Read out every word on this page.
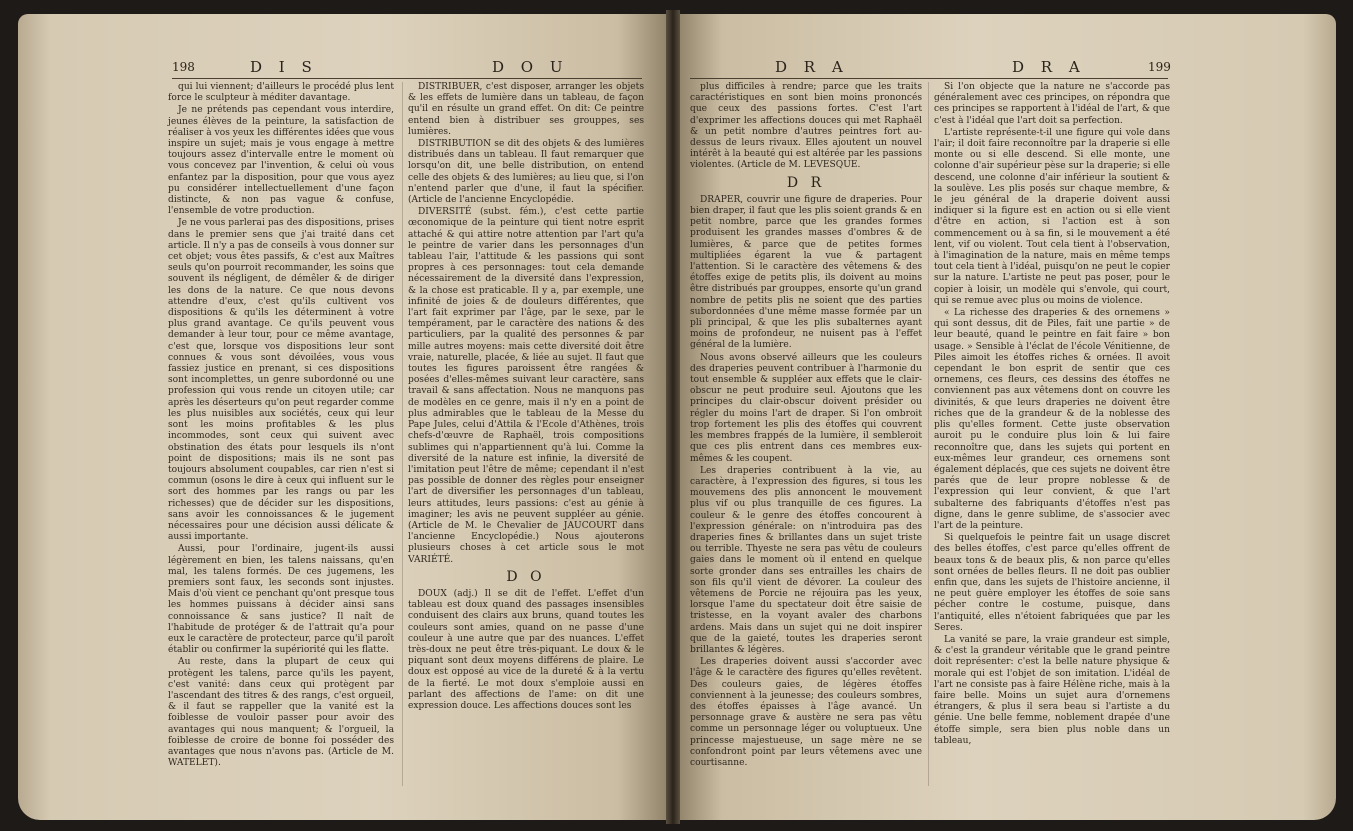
198	D I S	D O U

qui lui viennent; d'ailleurs le procédé plus lent force le sculpteur à méditer davantage.

Je ne prétends pas cependant vous interdire, jeunes élèves de la peinture, la satisfaction de réaliser à vos yeux les différentes idées que vous inspire un sujet; mais je vous engage à mettre toujours assez d'intervalle entre le moment où vous concevez par l'invention, & celui où vous enfantez par la disposition, pour que vous ayez pu considérer intellectuellement d'une façon distincte, & non pas vague & confuse, l'ensemble de votre production.

Je ne vous parlerai pas des dispositions, prises dans le premier sens que j'ai traité dans cet article. Il n'y a pas de conseils à vous donner sur cet objet; vous êtes passifs, & c'est aux Maîtres seuls qu'on pourroit recommander, les soins que souvent ils négligent, de démêler & de diriger les dons de la nature. Ce que nous devons attendre d'eux, c'est qu'ils cultivent vos dispositions & qu'ils les déterminent à votre plus grand avantage. Ce qu'ils peuvent vous demander à leur tour, pour ce même avantage, c'est que, lorsque vos dispositions leur sont connues & vous sont dévoilées, vous vous fassiez justice en prenant, si ces dispositions sont incomplettes, un genre subordonné ou une profession qui vous rende un citoyen utile; car après les déserteurs qu'on peut regarder comme les plus nuisibles aux sociétés, ceux qui leur sont les moins profitables & les plus incommodes, sont ceux qui suivent avec obstination des états pour lesquels ils n'ont point de dispositions; mais ils ne sont pas toujours absolument coupables, car rien n'est si commun (osons le dire à ceux qui influent sur le sort des hommes par les rangs ou par les richesses) que de décider sur les dispositions, sans avoir les connoissances & le jugement nécessaires pour une décision aussi délicate & aussi importante.

Aussi, pour l'ordinaire, jugent-ils aussi légèrement en bien, les talens naissans, qu'en mal, les talens formés. De ces jugemens, les premiers sont faux, les seconds sont injustes. Mais d'où vient ce penchant qu'ont presque tous les hommes puissans à décider ainsi sans connoissance & sans justice? Il naît de l'habitude de protéger & de l'attrait qu'a pour eux le caractère de protecteur, parce qu'il paroît établir ou confirmer la supériorité qui les flatte.

Au reste, dans la plupart de ceux qui protègent les talens, parce qu'ils les payent, c'est vanité: dans ceux qui protègent par l'ascendant des titres & des rangs, c'est orgueil, & il faut se rappeller que la vanité est la foiblesse de vouloir passer pour avoir des avantages qui nous manquent; & l'orgueil, la foiblesse de croire de bonne foi posséder des avantages que nous n'avons pas. (Article de M. WATELET).

DISTRIBUER, c'est disposer, arranger les objets & les effets de lumière dans un tableau, de façon qu'il en résulte un grand effet. On dit: Ce peintre entend bien à distribuer ses grouppes, ses lumières.

DISTRIBUTION se dit des objets & des lumières distribués dans un tableau. Il faut remarquer que lorsqu'on dit, une belle distribution, on entend celle des objets & des lumières; au lieu que, si l'on n'entend parler que d'une, il faut la spécifier. (Article de l'ancienne Encyclopédie.

DIVERSITÉ (subst. fém.), c'est cette partie œconomique de la peinture qui tient notre esprit attaché & qui attire notre attention par l'art qu'a le peintre de varier dans les personnages d'un tableau l'air, l'attitude & les passions qui sont propres à ces personnages: tout cela demande nécessairement de la diversité dans l'expression, & la chose est praticable. Il y a, par exemple, une infinité de joies & de douleurs différentes, que l'art fait exprimer par l'âge, par le sexe, par le tempérament, par le caractère des nations & des particuliers, par la qualité des personnes & par mille autres moyens: mais cette diversité doit être vraie, naturelle, placée, & liée au sujet. Il faut que toutes les figures paroissent être rangées & posées d'elles-mêmes suivant leur caractère, sans travail & sans affectation. Nous ne manquons pas de modèles en ce genre, mais il n'y en a point de plus admirables que le tableau de la Messe du Pape Jules, celui d'Attila & l'Ecole d'Athènes, trois chefs-d'œuvre de Raphaël, trois compositions sublimes qui n'appartiennent qu'à lui. Comme la diversité de la nature est infinie, la diversité de l'imitation peut l'être de même; cependant il n'est pas possible de donner des règles pour enseigner l'art de diversifier les personnages d'un tableau, leurs attitudes, leurs passions: c'est au génie à imaginer; les avis ne peuvent suppléer au génie. (Article de M. le Chevalier de JAUCOURT dans l'ancienne Encyclopédie.) Nous ajouterons plusieurs choses à cet article sous le mot VARIÉTÉ.

D O

DOUX (adj.) Il se dit de l'effet. L'effet d'un tableau est doux quand des passages insensibles conduisent des clairs aux bruns, quand toutes les couleurs sont amies, quand on ne passe d'une couleur à une autre que par des nuances. L'effet très-doux ne peut être très-piquant. Le doux & le piquant sont deux moyens différens de plaire. Le doux est opposé au vice de la dureté & à la vertu de la fierté. Le mot doux s'emploie aussi en parlant des affections de l'ame: on dit une expression douce. Les affections douces sont les

D R A	D R A	199

plus difficiles à rendre; parce que les traits caractéristiques en sont bien moins prononcés que ceux des passions fortes. C'est l'art d'exprimer les affections douces qui met Raphaël & un petit nombre d'autres peintres fort au-dessus de leurs rivaux. Elles ajoutent un nouvel intérêt à la beauté qui est altérée par les passions violentes. (Article de M. LEVESQUE.

D R

DRAPER, couvrir une figure de draperies. Pour bien draper, il faut que les plis soient grands & en petit nombre, parce que les grandes formes produisent les grandes masses d'ombres & de lumières, & parce que de petites formes multipliées égarent la vue & partagent l'attention. Si le caractère des vêtemens & des étoffes exige de petits plis, ils doivent au moins être distribués par grouppes, ensorte qu'un grand nombre de petits plis ne soient que des parties subordonnées d'une même masse formée par un pli principal, & que les plis subalternes ayant moins de profondeur, ne nuisent pas à l'effet général de la lumière.

Nous avons observé ailleurs que les couleurs des draperies peuvent contribuer à l'harmonie du tout ensemble & suppléer aux effets que le clair-obscur ne peut produire seul. Ajoutons que les principes du clair-obscur doivent présider ou régler du moins l'art de draper. Si l'on ombroit trop fortement les plis des étoffes qui couvrent les membres frappés de la lumière, il sembleroit que ces plis entrent dans ces membres eux-mêmes & les coupent.

Les draperies contribuent à la vie, au caractère, à l'expression des figures, si tous les mouvemens des plis annoncent le mouvement plus vif ou plus tranquille de ces figures. La couleur & le genre des étoffes concourent à l'expression générale: on n'introduira pas des draperies fines & brillantes dans un sujet triste ou terrible. Thyeste ne sera pas vêtu de couleurs gaies dans le moment où il entend en quelque sorte gronder dans ses entrailles les chairs de son fils qu'il vient de dévorer. La couleur des vêtemens de Porcie ne réjouira pas les yeux, lorsque l'ame du spectateur doit être saisie de tristesse, en la voyant avaler des charbons ardens. Mais dans un sujet qui ne doit inspirer que de la gaieté, toutes les draperies seront brillantes & légères.

Les draperies doivent aussi s'accorder avec l'âge & le caractère des figures qu'elles revêtent. Des couleurs gaies, de légères étoffes conviennent à la jeunesse; des couleurs sombres, des étoffes épaisses à l'âge avancé. Un personnage grave & austère ne sera pas vêtu comme un personnage léger ou voluptueux. Une princesse majestueuse, un sage mère ne se confondront point par leurs vêtemens avec une courtisanne.

Si l'on objecte que la nature ne s'accorde pas généralement avec ces principes, on répondra que ces principes se rapportent à l'idéal de l'art, & que c'est à l'idéal que l'art doit sa perfection.

L'artiste représente-t-il une figure qui vole dans l'air; il doit faire reconnoître par la draperie si elle monte ou si elle descend. Si elle monte, une colonne d'air supérieur pèse sur la draperie; si elle descend, une colonne d'air inférieur la soutient & la soulève. Les plis posés sur chaque membre, & le jeu général de la draperie doivent aussi indiquer si la figure est en action ou si elle vient d'être en action, si l'action est à son commencement ou à sa fin, si le mouvement a été lent, vif ou violent. Tout cela tient à l'observation, à l'imagination de la nature, mais en même temps tout cela tient à l'idéal, puisqu'on ne peut le copier sur la nature. L'artiste ne peut pas poser, pour le copier à loisir, un modèle qui s'envole, qui court, qui se remue avec plus ou moins de violence.

« La richesse des draperies & des ornemens » qui sont dessus, dit de Piles, fait une partie » de leur beauté, quand le peintre en fait faire » bon usage. » Sensible à l'éclat de l'école Vénitienne, de Piles aimoit les étoffes riches & ornées. Il avoit cependant le bon esprit de sentir que ces ornemens, ces fleurs, ces dessins des étoffes ne conviennent pas aux vêtemens dont on couvre les divinités, & que leurs draperies ne doivent être riches que de la grandeur & de la noblesse des plis qu'elles forment. Cette juste observation auroit pu le conduire plus loin & lui faire reconnoître que, dans les sujets qui portent en eux-mêmes leur grandeur, ces ornemens sont également déplacés, que ces sujets ne doivent être parés que de leur propre noblesse & de l'expression qui leur convient, & que l'art subalterne des fabriquants d'étoffes n'est pas digne, dans le genre sublime, de s'associer avec l'art de la peinture.

Si quelquefois le peintre fait un usage discret des belles étoffes, c'est parce qu'elles offrent de beaux tons & de beaux plis, & non parce qu'elles sont ornées de belles fleurs. Il ne doit pas oublier enfin que, dans les sujets de l'histoire ancienne, il ne peut guère employer les étoffes de soie sans pécher contre le costume, puisque, dans l'antiquité, elles n'étoient fabriquées que par les Seres.

La vanité se pare, la vraie grandeur est simple, & c'est la grandeur véritable que le grand peintre doit représenter: c'est la belle nature physique & morale qui est l'objet de son imitation. L'idéal de l'art ne consiste pas à faire Hélène riche, mais à la faire belle. Moins un sujet aura d'ornemens étrangers, & plus il sera beau si l'artiste a du génie. Une belle femme, noblement drapée d'une étoffe simple, sera bien plus noble dans un tableau,
